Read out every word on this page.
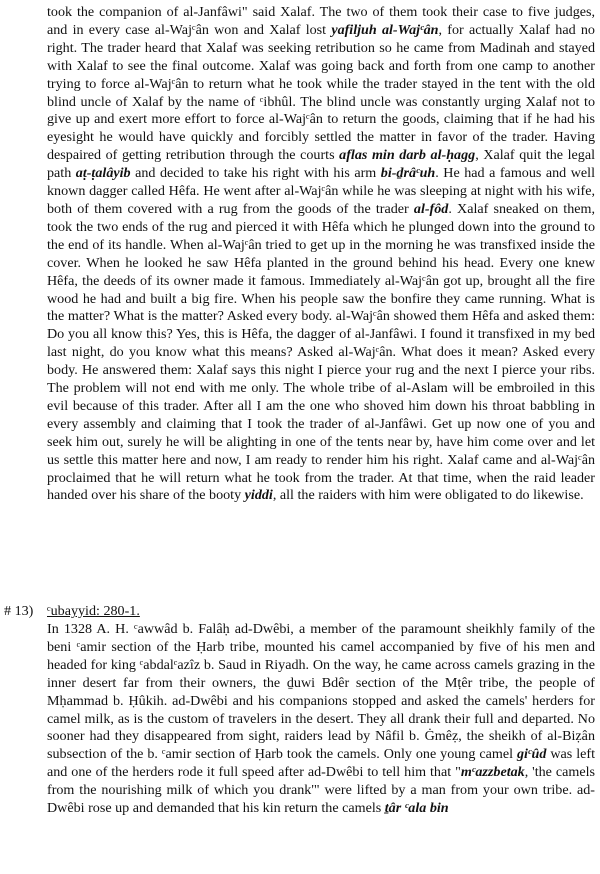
took the companion of al-Janfâwi" said Xalaf. The two of them took their case to five judges, and in every case al-Wajᶜân won and Xalaf lost yafiljuh al-Wajᶜân, for actually Xalaf had no right. The trader heard that Xalaf was seeking retribution so he came from Madinah and stayed with Xalaf to see the final outcome. Xalaf was going back and forth from one camp to another trying to force al-Wajᶜân to return what he took while the trader stayed in the tent with the old blind uncle of Xalaf by the name of ᶜibhûl. The blind uncle was constantly urging Xalaf not to give up and exert more effort to force al-Wajᶜân to return the goods, claiming that if he had his eyesight he would have quickly and forcibly settled the matter in favor of the trader. Having despaired of getting retribution through the courts aflas min darb al-ḥagg, Xalaf quit the legal path aṭ-ṭalâyib and decided to take his right with his arm bi-ḏrâᶜuh. He had a famous and well known dagger called Hêfa. He went after al-Wajᶜân while he was sleeping at night with his wife, both of them covered with a rug from the goods of the trader al-fôd. Xalaf sneaked on them, took the two ends of the rug and pierced it with Hêfa which he plunged down into the ground to the end of its handle. When al-Wajᶜân tried to get up in the morning he was transfixed inside the cover. When he looked he saw Hêfa planted in the ground behind his head. Every one knew Hêfa, the deeds of its owner made it famous. Immediately al-Wajᶜân got up, brought all the fire wood he had and built a big fire. When his people saw the bonfire they came running. What is the matter? What is the matter? Asked every body. al-Wajᶜân showed them Hêfa and asked them: Do you all know this? Yes, this is Hêfa, the dagger of al-Janfâwi. I found it transfixed in my bed last night, do you know what this means? Asked al-Wajᶜân. What does it mean? Asked every body. He answered them: Xalaf says this night I pierce your rug and the next I pierce your ribs. The problem will not end with me only. The whole tribe of al-Aslam will be embroiled in this evil because of this trader. After all I am the one who shoved him down his throat babbling in every assembly and claiming that I took the trader of al-Janfâwi. Get up now one of you and seek him out, surely he will be alighting in one of the tents near by, have him come over and let us settle this matter here and now, I am ready to render him his right. Xalaf came and al-Wajᶜân proclaimed that he will return what he took from the trader. At that time, when the raid leader handed over his share of the booty yiddi, all the raiders with him were obligated to do likewise.

# 13) ᶜubayyid: 280-1.

In 1328 A. H. ᶜawwâd b. Falâḥ ad-Dwêbi, a member of the paramount sheikhly family of the beni ᶜamir section of the Ḥarb tribe, mounted his camel accompanied by five of his men and headed for king ᶜabdalᶜazîz b. Saud in Riyadh. On the way, he came across camels grazing in the inner desert far from their owners, the ḏuwi Bdêr section of the Mṭêr tribe, the people of Mḥammad b. Ḥûkih. ad-Dwêbi and his companions stopped and asked the camels' herders for camel milk, as is the custom of travelers in the desert. They all drank their full and departed. No sooner had they disappeared from sight, raiders lead by Nâfil b. Ġmêẓ, the sheikh of al-Biẓân subsection of the b. ᶜamir section of Ḥarb took the camels. Only one young camel giᶜûd was left and one of the herders rode it full speed after ad-Dwêbi to tell him that "mᶜazzbetak, 'the camels from the nourishing milk of which you drank'" were lifted by a man from your own tribe. ad-Dwêbi rose up and demanded that his kin return the camels ṯâr ᶜala bin
